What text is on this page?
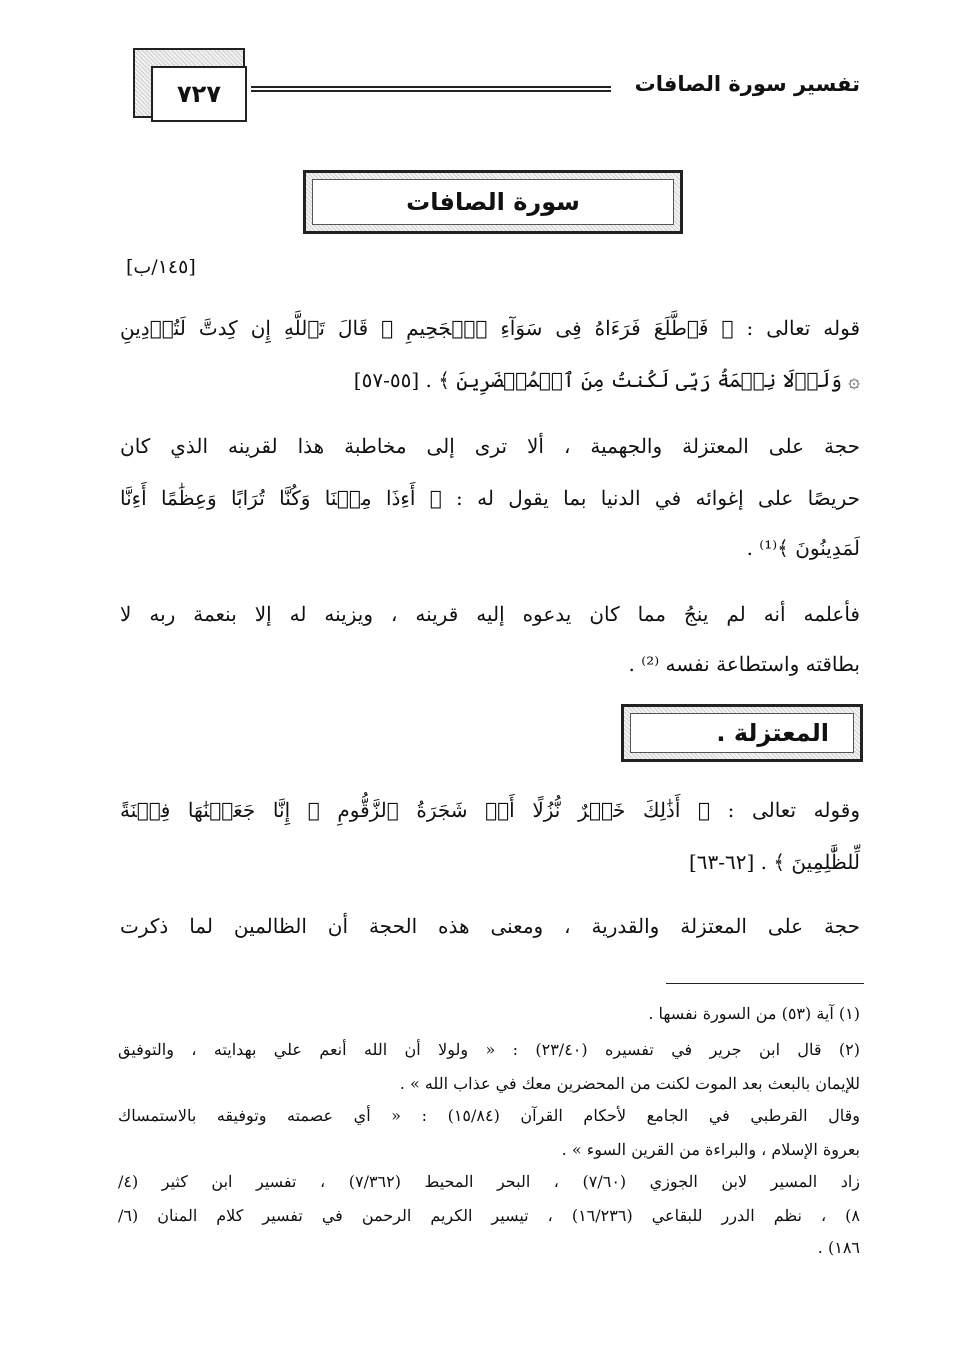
٧٢٧	تفسير سورة الصافات
سورة الصافات
[١٤٥/ب]
قوله تعالى : ﴿ فَٱطَّلَعَ فَرَءَاهُ فِى سَوَآءِ ٱلۡجَحِيمِ ۞ قَالَ تَٱللَّهِ إِن كِدتَّ لَتُرۡدِينِ
۞ وَلَوۡلَا نِعۡمَةُ رَبِّى لَكُنتُ مِنَ ٱلۡمُحۡضَرِينَ ﴾ . [٥٥-٥٧]
حجة على المعتزلة والجهمية ، ألا ترى إلى مخاطبة هذا لقرينه الذي كان
حريصًا على إغوائه في الدنيا بما يقول له : ﴿ أَءِذَا مِتۡنَا وَكُنَّا تُرَابًا وَعِظَٰمًا أَءِنَّا
لَمَدِينُونَ ﴾⁽¹⁾ .
فأعلمه أنه لم ينجُ مما كان يدعوه إليه قرينه ، ويزينه له إلا بنعمة ربه لا
بطاقته واستطاعة نفسه ⁽²⁾ .
المعتزلة .
وقوله تعالى : ﴿ أَذَٰلِكَ خَيۡرٌ نُّزُلًا أَمۡ شَجَرَةُ ٱلزَّقُّومِ ۞ إِنَّا جَعَلۡنَٰهَا فِتۡنَةً
لِّلظَّٰلِمِينَ ﴾ . [٦٢-٦٣]
حجة على المعتزلة والقدرية ، ومعنى هذه الحجة أن الظالمين لما ذكرت
(١) آية (٥٣) من السورة نفسها .
(٢) قال ابن جرير في تفسيره (٢٣/٤٠) : « ولولا أن الله أنعم علي بهدايته ، والتوفيق
للإيمان بالبعث بعد الموت لكنت من المحضرين معك في عذاب الله » .
وقال القرطبي في الجامع لأحكام القرآن (١٥/٨٤) : « أي عصمته وتوفيقه بالاستمساك
بعروة الإسلام ، والبراءة من القرين السوء » .
زاد المسير لابن الجوزي (٧/٦٠) ، البحر المحيط (٧/٣٦٢) ، تفسير ابن كثير (٤/
٨) ، نظم الدرر للبقاعي (١٦/٢٣٦) ، تيسير الكريم الرحمن في تفسير كلام المنان (٦/
١٨٦) .
